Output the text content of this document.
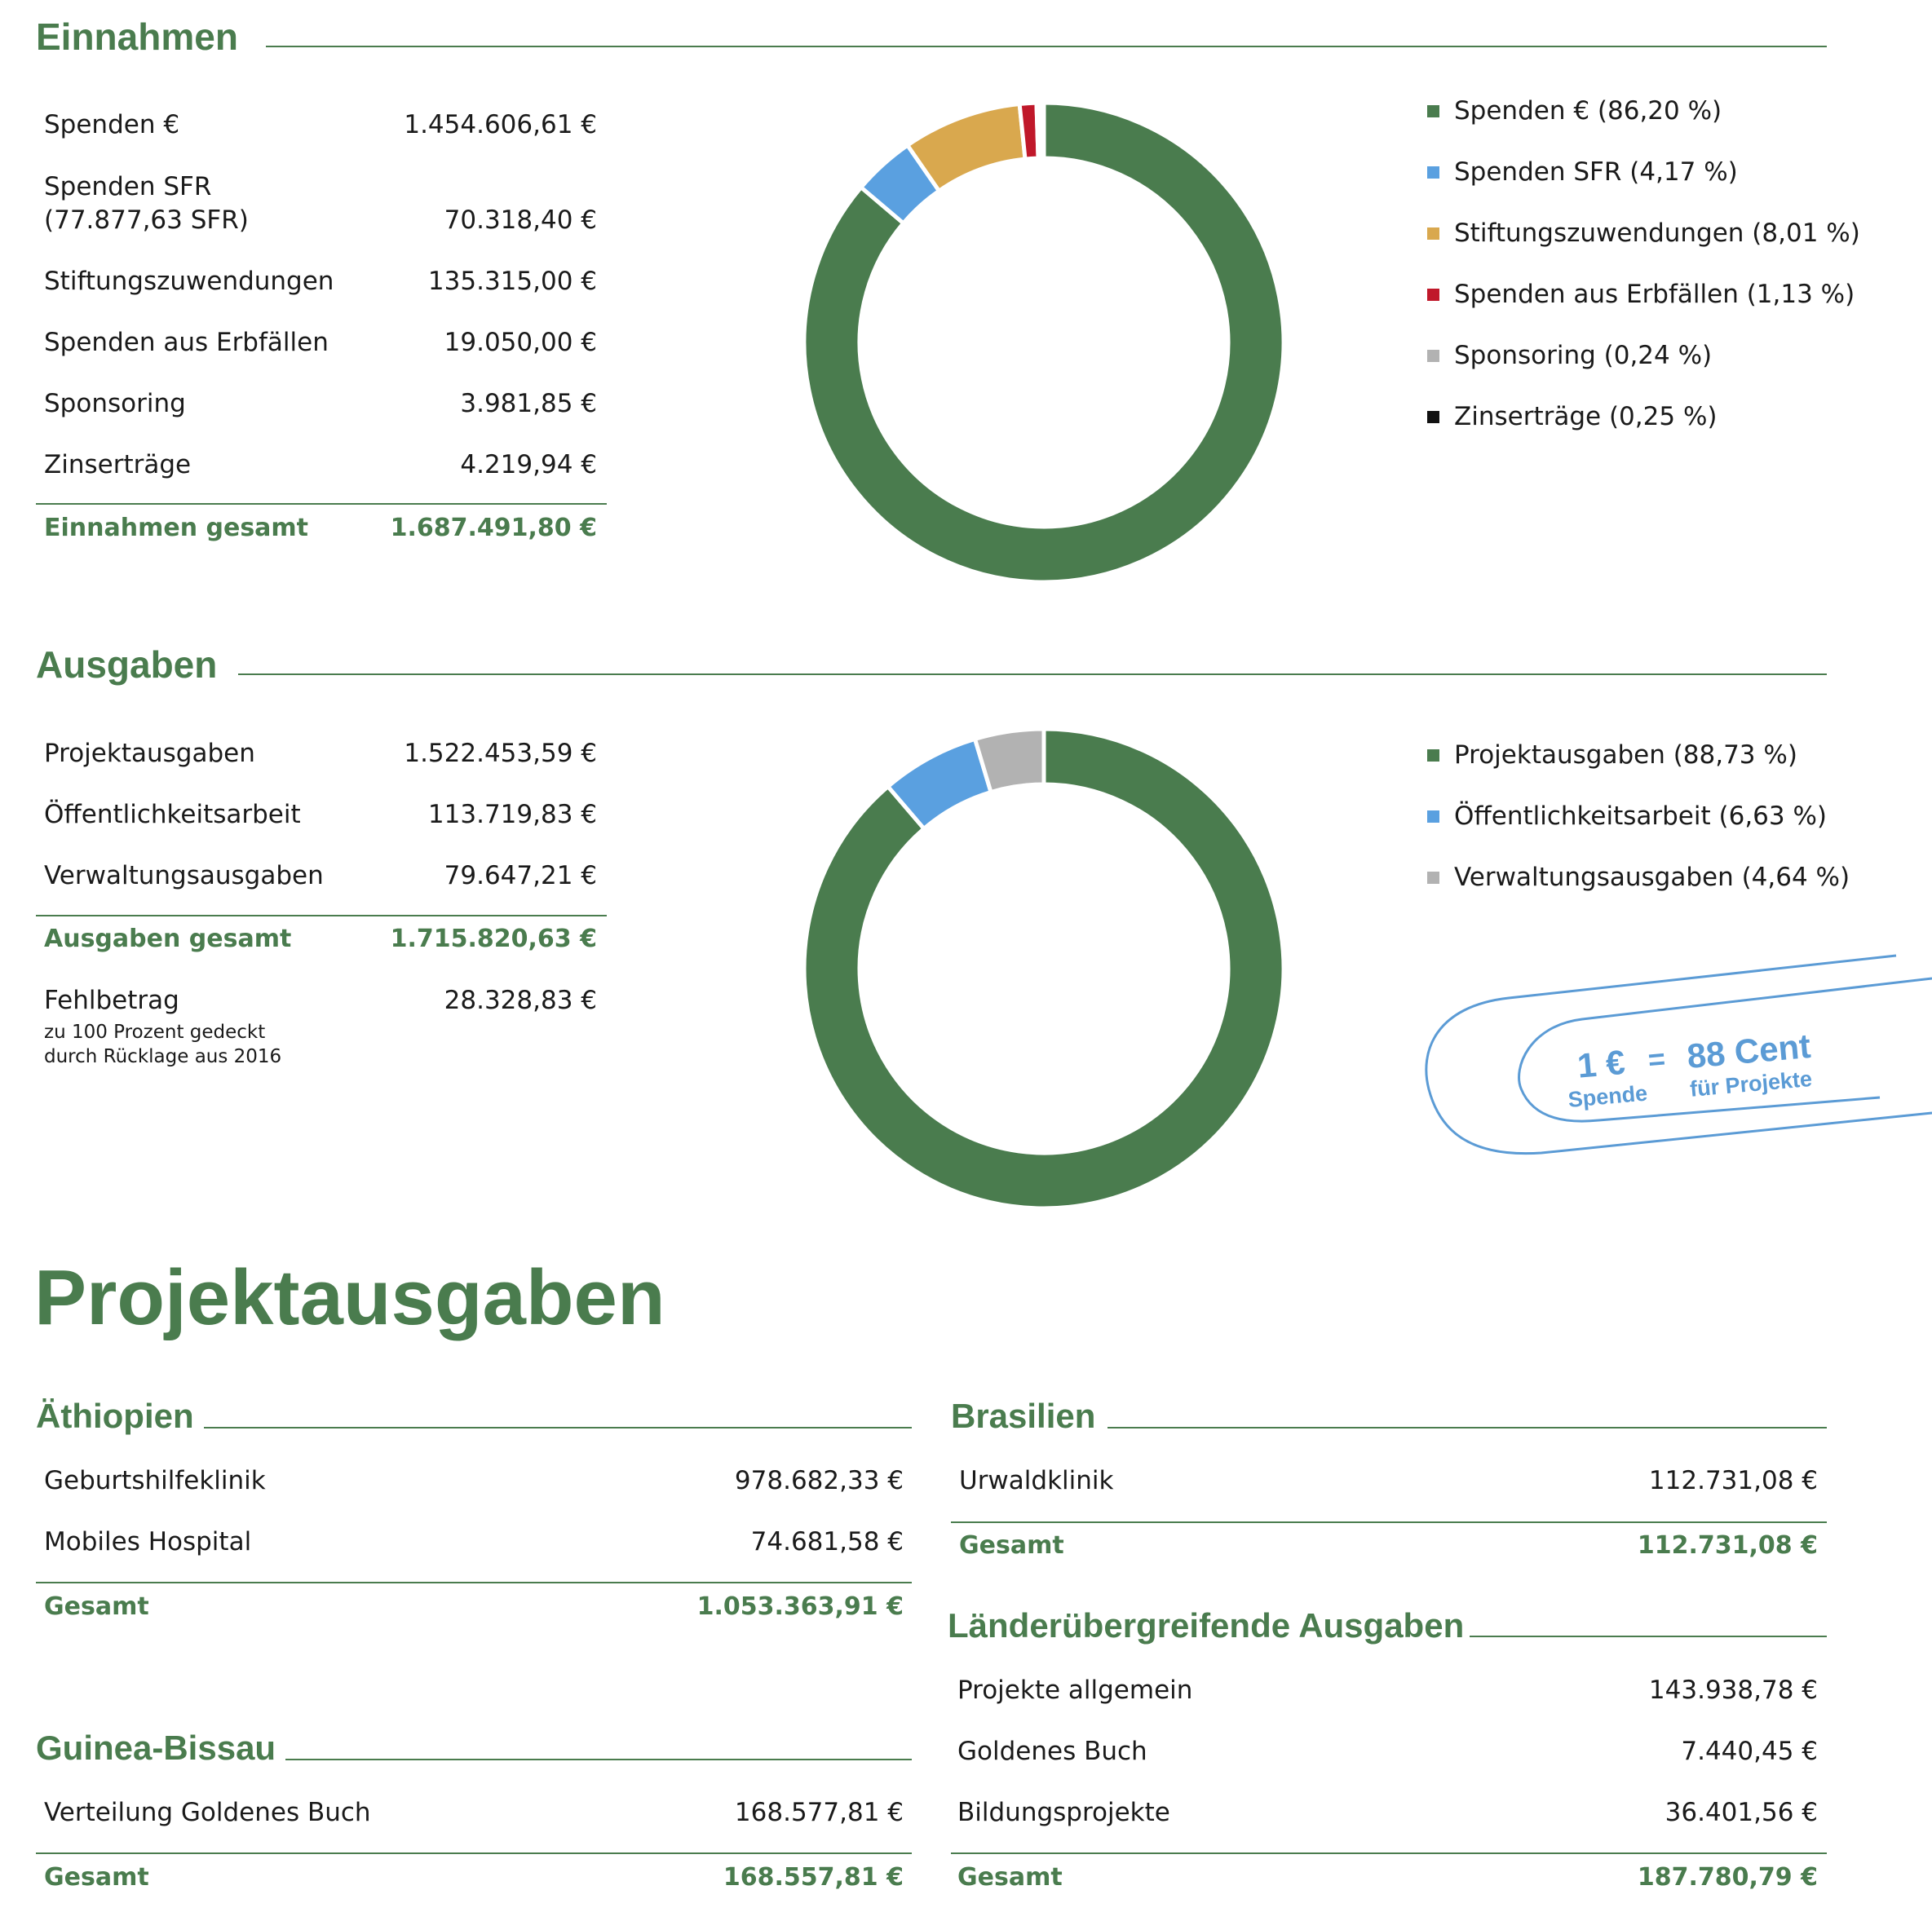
Einnahmen
Spenden €	1.454.606,61 €
Spenden SFR
(77.877,63 SFR)	70.318,40 €
Stiftungszuwendungen	135.315,00 €
Spenden aus Erbfällen	19.050,00 €
Sponsoring	3.981,85 €
Zinserträge	4.219,94 €
Einnahmen gesamt	1.687.491,80 €
Spenden € (86,20 %)
Spenden SFR (4,17 %)
Stiftungszuwendungen (8,01 %)
Spenden aus Erbfällen (1,13 %)
Sponsoring (0,24 %)
Zinserträge (0,25 %)
Ausgaben
Projektausgaben	1.522.453,59 €
Öffentlichkeitsarbeit	113.719,83 €
Verwaltungsausgaben	79.647,21 €
Ausgaben gesamt	1.715.820,63 €
Fehlbetrag	28.328,83 €
zu 100 Prozent gedeckt
durch Rücklage aus 2016
Projektausgaben (88,73 %)
Öffentlichkeitsarbeit (6,63 %)
Verwaltungsausgaben (4,64 %)
1 € = 88 Cent
Spende für Projekte
Projektausgaben
Äthiopien
Geburtshilfeklinik	978.682,33 €
Mobiles Hospital	74.681,58 €
Gesamt	1.053.363,91 €
Guinea-Bissau
Verteilung Goldenes Buch	168.577,81 €
Gesamt	168.557,81 €
Brasilien
Urwaldklinik	112.731,08 €
Gesamt	112.731,08 €
Länderübergreifende Ausgaben
Projekte allgemein	143.938,78 €
Goldenes Buch	7.440,45 €
Bildungsprojekte	36.401,56 €
Gesamt	187.780,79 €
